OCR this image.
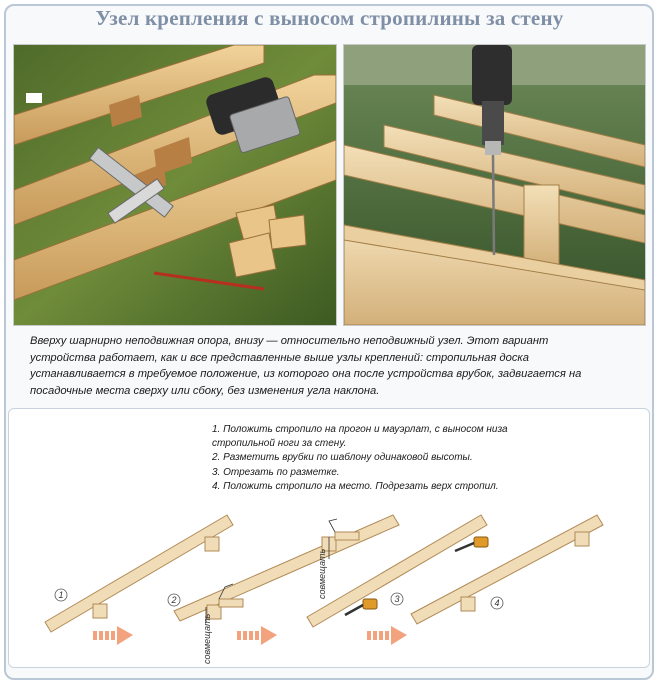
Узел крепления с выносом стропилины за стену

Вверху шарнирно неподвижная опора, внизу — относительно неподвижный узел. Этот вариант

устройства работает, как и все представленные выше узлы креплений: стропильная доска

устанавливается в требуемое положение, из которого она после устройства врубок, задвигается на

посадочные места сверху или сбоку, без изменения угла наклона.

1. Положить стропило на прогон и мауэрлат, с выносом низа

стропильной ноги за стену.

2. Разметить врубки по шаблону одинаковой высоты.

3. Отрезать по разметке.

4. Положить стропило на место. Подрезать верх стропил.

1	2	3	4
совмещать
совмещать
